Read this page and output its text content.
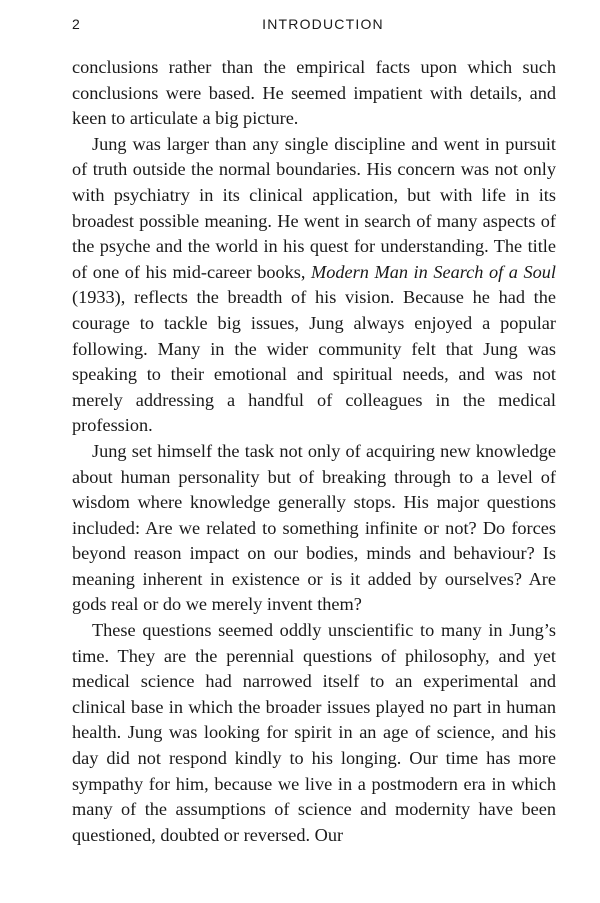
2	INTRODUCTION

conclusions rather than the empirical facts upon which such conclusions were based. He seemed impatient with details, and keen to articulate a big picture.

Jung was larger than any single discipline and went in pursuit of truth outside the normal boundaries. His concern was not only with psychiatry in its clinical application, but with life in its broadest possible meaning. He went in search of many aspects of the psyche and the world in his quest for understanding. The title of one of his mid-career books, Modern Man in Search of a Soul (1933), reflects the breadth of his vision. Because he had the courage to tackle big issues, Jung always enjoyed a popular following. Many in the wider community felt that Jung was speaking to their emotional and spiritual needs, and was not merely addressing a handful of colleagues in the medical profession.

Jung set himself the task not only of acquiring new knowledge about human personality but of breaking through to a level of wisdom where knowledge generally stops. His major questions included: Are we related to something infinite or not? Do forces beyond reason impact on our bodies, minds and behaviour? Is meaning inherent in existence or is it added by ourselves? Are gods real or do we merely invent them?

These questions seemed oddly unscientific to many in Jung’s time. They are the perennial questions of philosophy, and yet medical science had narrowed itself to an experimental and clinical base in which the broader issues played no part in human health. Jung was looking for spirit in an age of science, and his day did not respond kindly to his longing. Our time has more sympathy for him, because we live in a postmodern era in which many of the assumptions of science and modernity have been questioned, doubted or reversed. Our
